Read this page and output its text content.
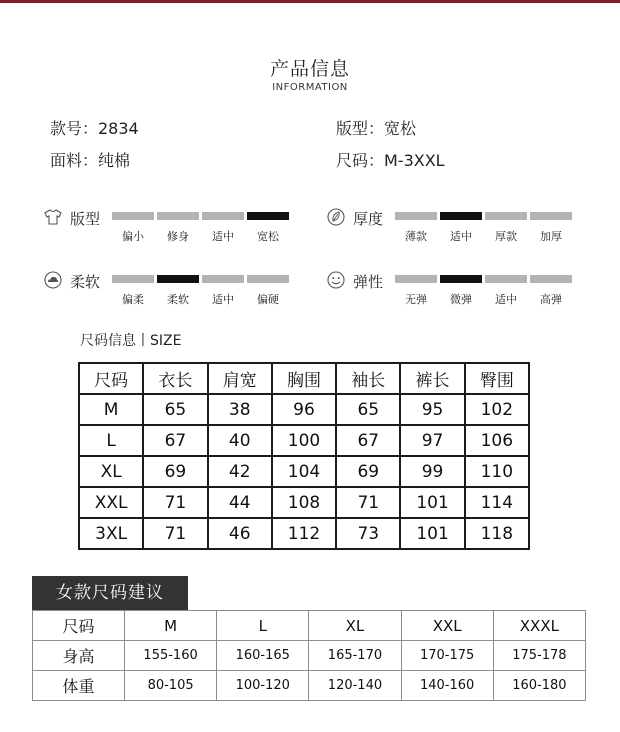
产品信息
INFORMATION
款号：2834	版型：宽松
面料：纯棉	尺码：M-3XXL
版型
偏小	修身	适中	宽松
厚度
薄款	适中	厚款	加厚
柔软
偏柔	柔软	适中	偏硬
弹性
无弹	微弹	适中	高弹
尺码信息丨SIZE
尺码	衣长	肩宽	胸围	袖长	裤长	臀围
M	65	38	96	65	95	102
L	67	40	100	67	97	106
XL	69	42	104	69	99	110
XXL	71	44	108	71	101	114
3XL	71	46	112	73	101	118
女款尺码建议
尺码	M	L	XL	XXL	XXXL
身高	155-160	160-165	165-170	170-175	175-178
体重	80-105	100-120	120-140	140-160	160-180
